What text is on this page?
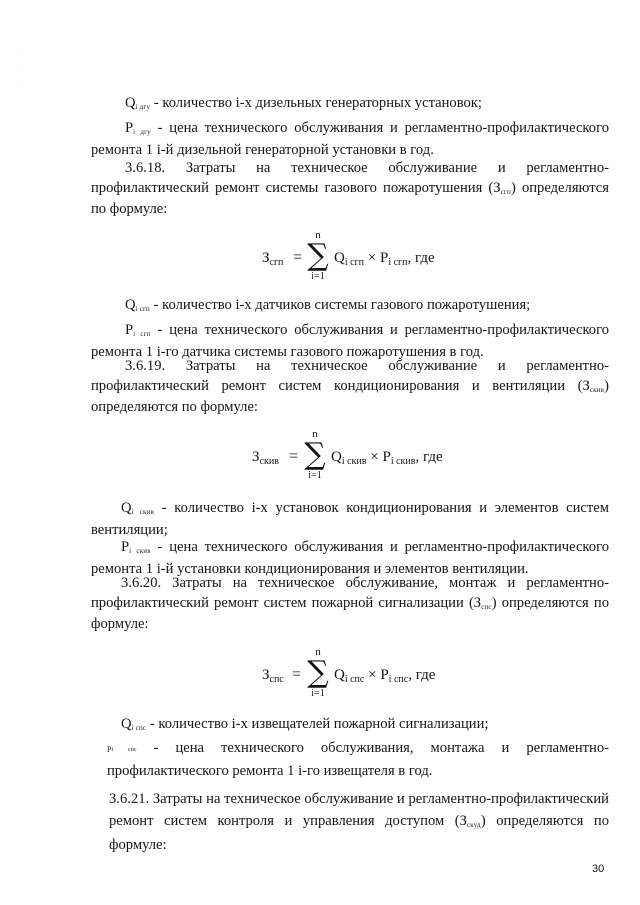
·
·
·

Qi дгу - количество i-х дизельных генераторных установок;

Pi дгу - цена технического обслуживания и регламентно-профилактического ремонта 1 i-й дизельной генераторной установки в год.

3.6.18. Затраты на техническое обслуживание и регламентно-профилактический ремонт системы газового пожаротушения (Зсгп) определяются по формуле:

$З_{сгп}$ =
n
∑
i=1
$Q_{i сгп} \times P_{i сгп}$, где

Qi сгп - количество i-х датчиков системы газового пожаротушения;

Pi сгп - цена технического обслуживания и регламентно-профилактического ремонта 1 i-го датчика системы газового пожаротушения в год.

3.6.19. Затраты на техническое обслуживание и регламентно-профилактический ремонт систем кондиционирования и вентиляции (Зскив) определяются по формуле:

$З_{скив}$ =
n
∑
i=1
$Q_{i скив} \times P_{i скив}$, где

Qi скив - количество i-х установок кондиционирования и элементов систем вентиляции;

Pi скив - цена технического обслуживания и регламентно-профилактического ремонта 1 i-й установки кондиционирования и элементов вентиляции.

3.6.20. Затраты на техническое обслуживание, монтаж и регламентно-профилактический ремонт систем пожарной сигнализации (Зспс) определяются по формуле:

$З_{спс}$ =
n
∑
i=1
$Q_{i спс} \times P_{i спс}$, где

Qi спс - количество i-х извещателей пожарной сигнализации;

Pi спс - цена технического обслуживания, монтажа и регламентно-профилактического ремонта 1 i-го извещателя в год.

3.6.21. Затраты на техническое обслуживание и регламентно-профилактический ремонт систем контроля и управления доступом (Зскуд) определяются по формуле:

30
